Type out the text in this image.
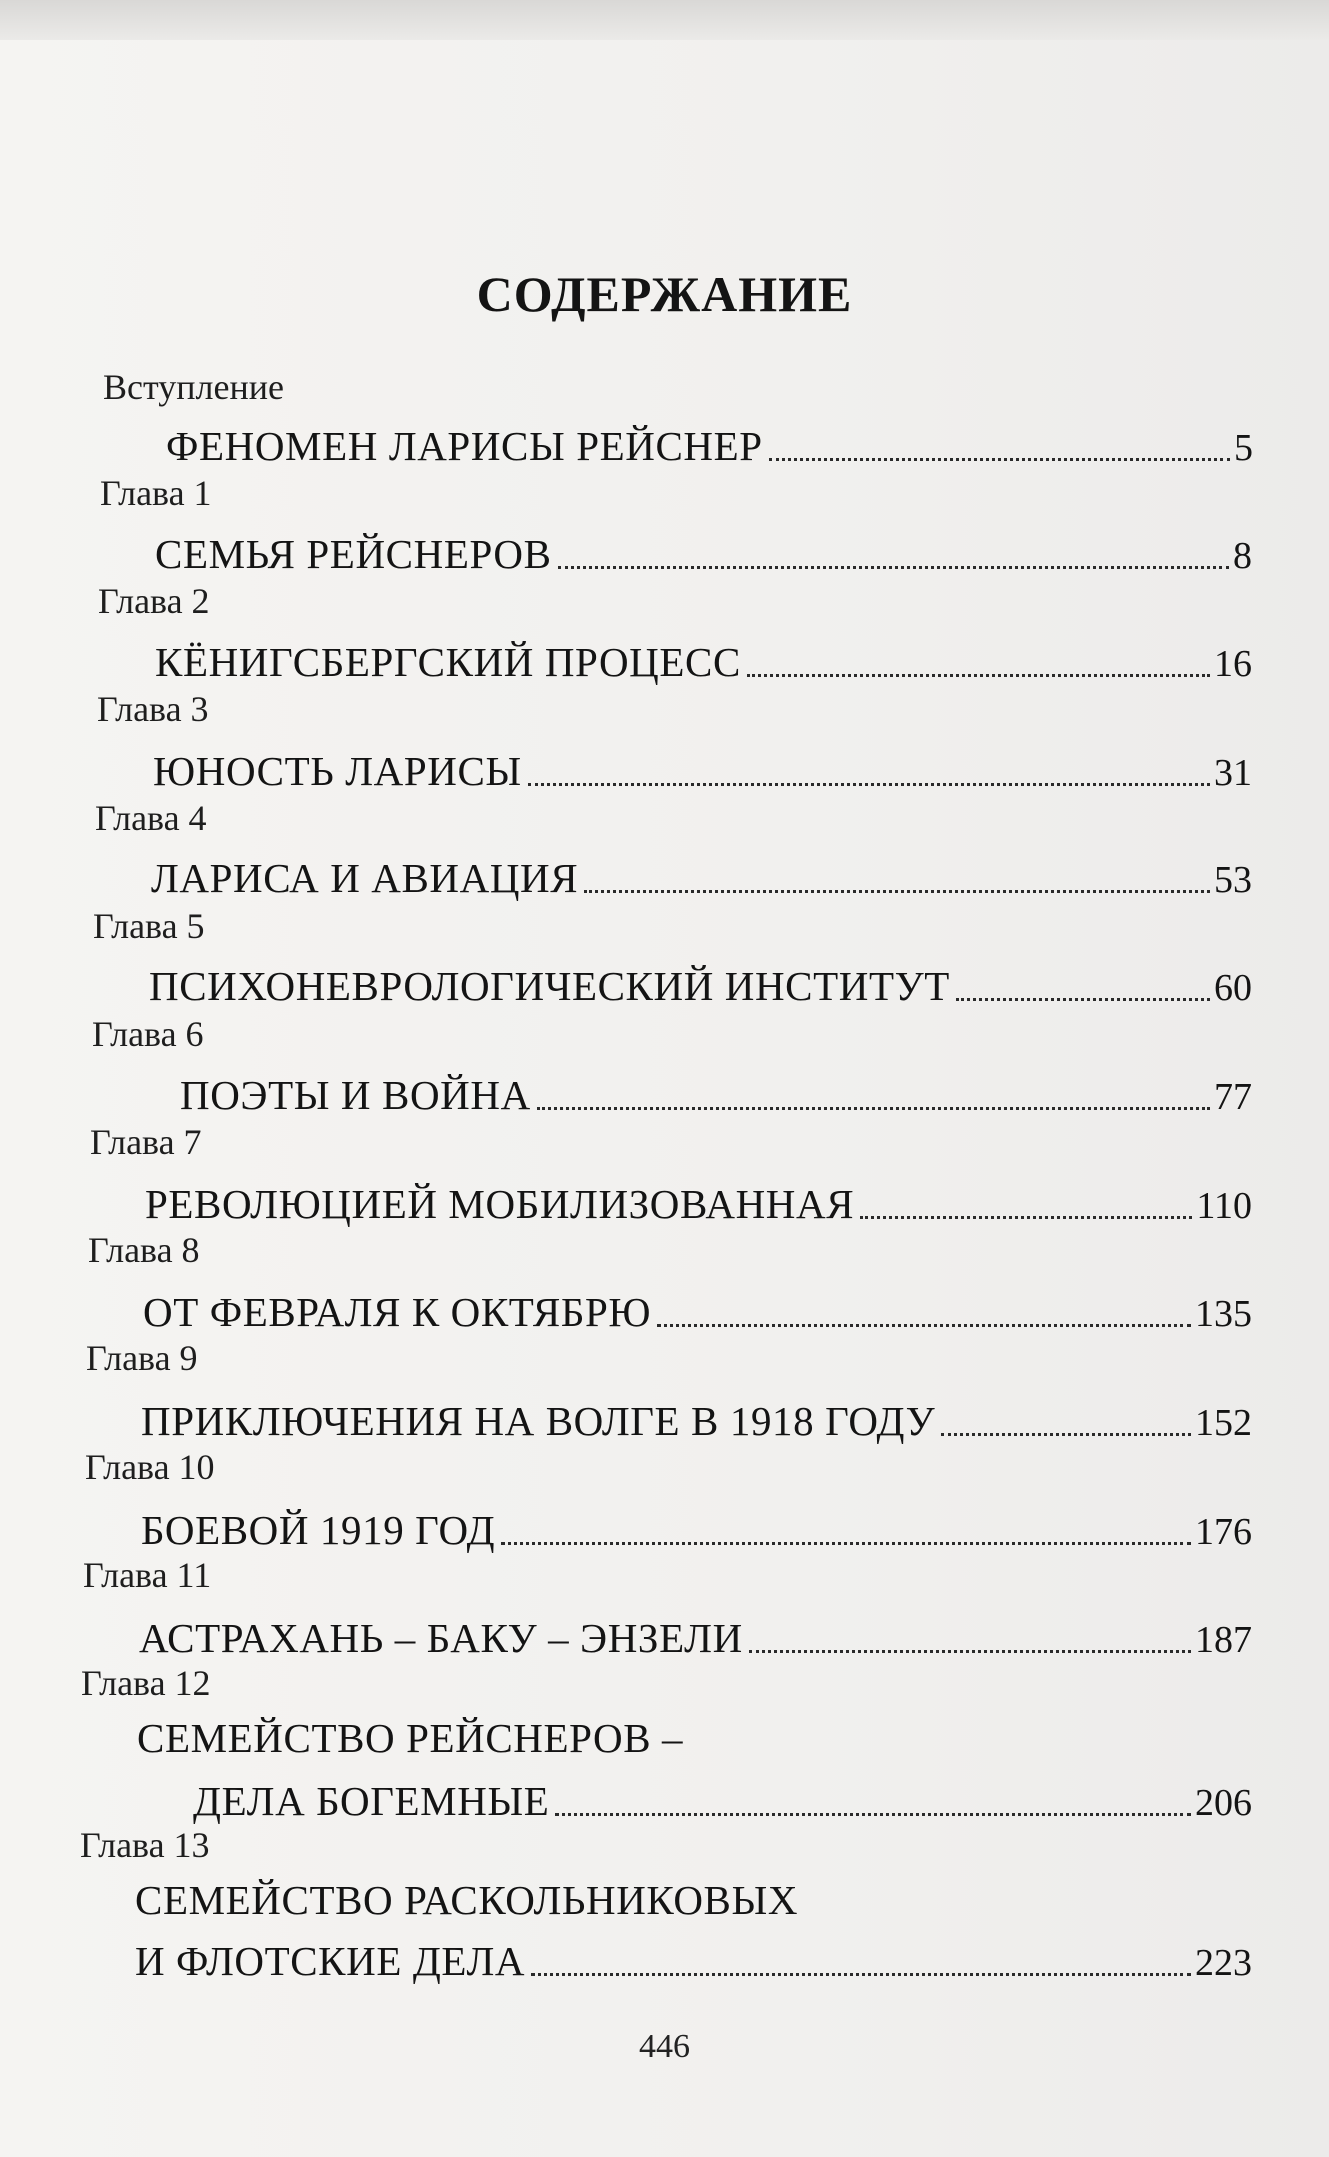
СОДЕРЖАНИЕ
Вступление
ФЕНОМЕН ЛАРИСЫ РЕЙСНЕР	5
Глава 1
СЕМЬЯ РЕЙСНЕРОВ	8
Глава 2
КЁНИГСБЕРГСКИЙ ПРОЦЕСС	16
Глава 3
ЮНОСТЬ ЛАРИСЫ	31
Глава 4
ЛАРИСА И АВИАЦИЯ	53
Глава 5
ПСИХОНЕВРОЛОГИЧЕСКИЙ ИНСТИТУТ	60
Глава 6
ПОЭТЫ И ВОЙНА	77
Глава 7
РЕВОЛЮЦИЕЙ МОБИЛИЗОВАННАЯ	110
Глава 8
ОТ ФЕВРАЛЯ К ОКТЯБРЮ	135
Глава 9
ПРИКЛЮЧЕНИЯ НА ВОЛГЕ В 1918 ГОДУ	152
Глава 10
БОЕВОЙ 1919 ГОД	176
Глава 11
АСТРАХАНЬ – БАКУ – ЭНЗЕЛИ	187
Глава 12
СЕМЕЙСТВО РЕЙСНЕРОВ –
ДЕЛА БОГЕМНЫЕ	206
Глава 13
СЕМЕЙСТВО РАСКОЛЬНИКОВЫХ
И ФЛОТСКИЕ ДЕЛА	223
446
